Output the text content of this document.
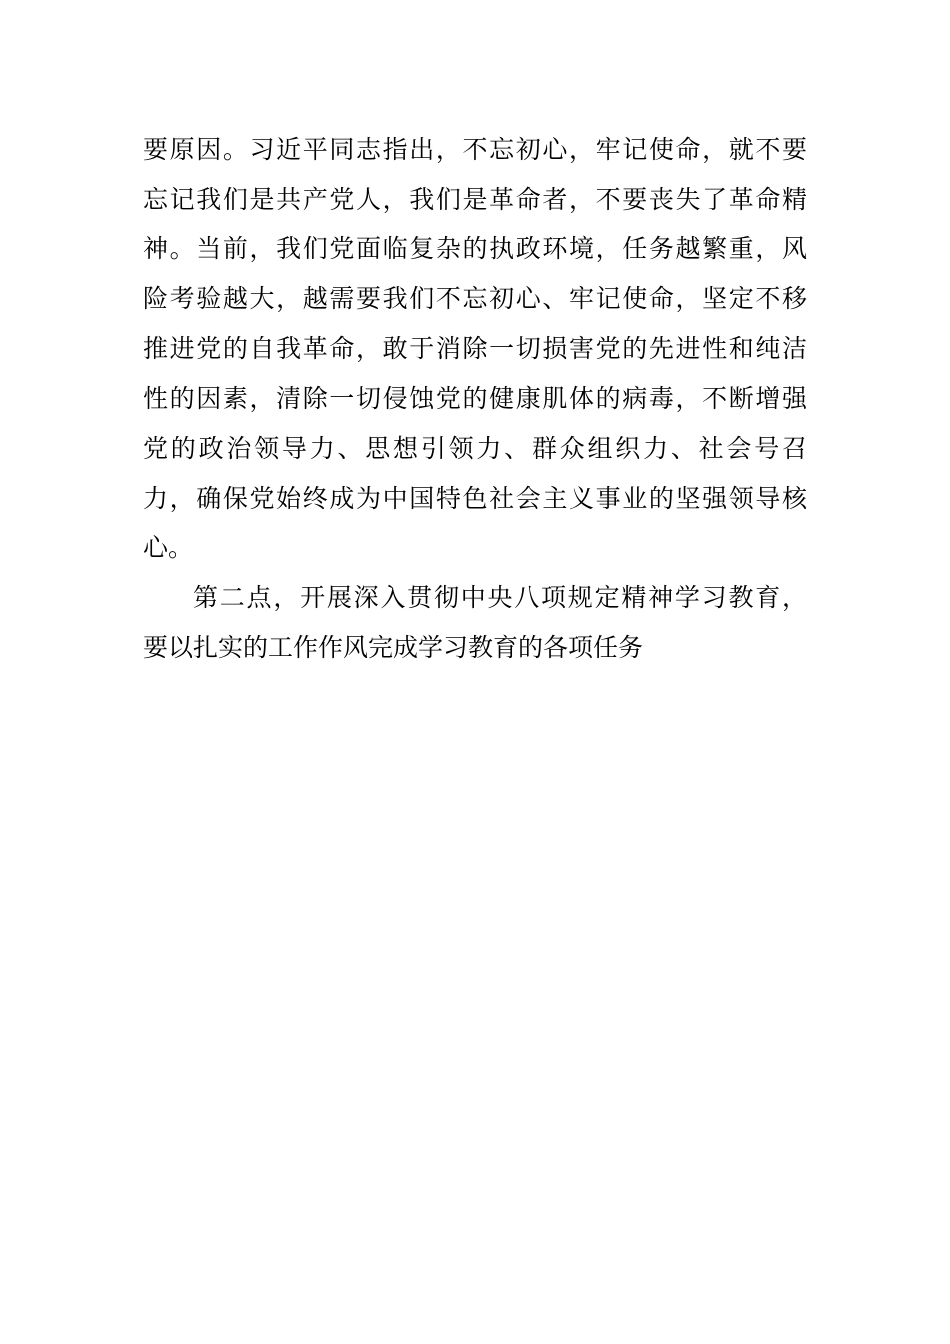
要原因。习近平同志指出，不忘初心，牢记使命，就不要
忘记我们是共产党人，我们是革命者，不要丧失了革命精
神。当前，我们党面临复杂的执政环境，任务越繁重，风
险考验越大，越需要我们不忘初心、牢记使命，坚定不移
推进党的自我革命，敢于消除一切损害党的先进性和纯洁
性的因素，清除一切侵蚀党的健康肌体的病毒，不断增强
党的政治领导力、思想引领力、群众组织力、社会号召
力，确保党始终成为中国特色社会主义事业的坚强领导核
心。
第二点，开展深入贯彻中央八项规定精神学习教育，
要以扎实的工作作风完成学习教育的各项任务
